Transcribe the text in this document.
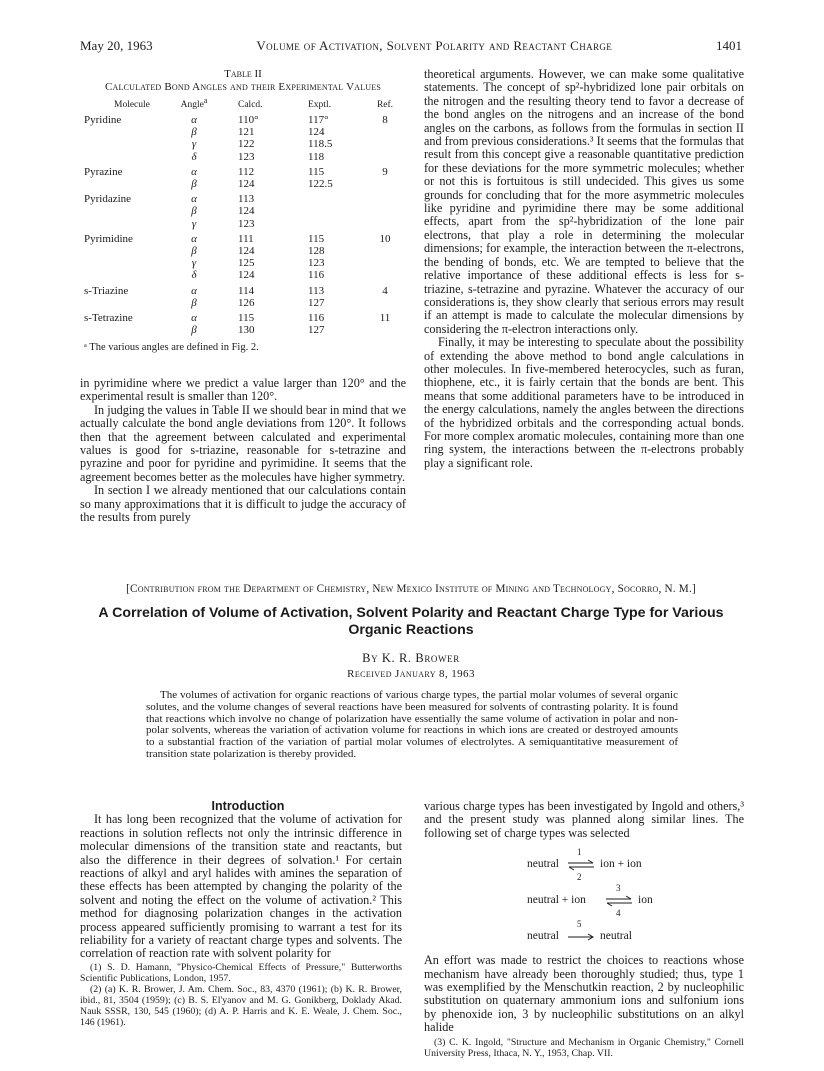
May 20, 1963	Volume of Activation, Solvent Polarity and Reactant Charge	1401
Table II
Calculated Bond Angles and their Experimental Values
Molecule	Angle$^a$	Calcd.	Exptl.	Ref.
Pyridine	α	110°	117°	8
	β	121	124	
	γ	122	118.5	
	δ	123	118	
Pyrazine	α	112	115	9
	β	124	122.5	
Pyridazine	α	113		
	β	124		
	γ	123		
Pyrimidine	α	111	115	10
	β	124	128	
	γ	125	123	
	δ	124	116	
s-Triazine	α	114	113	4
	β	126	127	
s-Tetrazine	α	115	116	11
	β	130	127	
ᵃ The various angles are defined in Fig. 2.

in pyrimidine where we predict a value larger than 120° and the experimental result is smaller than 120°.

In judging the values in Table II we should bear in mind that we actually calculate the bond angle deviations from 120°. It follows then that the agreement between calculated and experimental values is good for s-triazine, reasonable for s-tetrazine and pyrazine and poor for pyridine and pyrimidine. It seems that the agreement becomes better as the molecules have higher symmetry.

In section I we already mentioned that our calculations contain so many approximations that it is difficult to judge the accuracy of the results from purely

theoretical arguments. However, we can make some qualitative statements. The concept of sp²-hybridized lone pair orbitals on the nitrogen and the resulting theory tend to favor a decrease of the bond angles on the nitrogens and an increase of the bond angles on the carbons, as follows from the formulas in section II and from previous considerations.³ It seems that the formulas that result from this concept give a reasonable quantitative prediction for these deviations for the more symmetric molecules; whether or not this is fortuitous is still undecided. This gives us some grounds for concluding that for the more asymmetric molecules like pyridine and pyrimidine there may be some additional effects, apart from the sp²-hybridization of the lone pair electrons, that play a role in determining the molecular dimensions; for example, the interaction between the π-electrons, the bending of bonds, etc. We are tempted to believe that the relative importance of these additional effects is less for s-triazine, s-tetrazine and pyrazine. Whatever the accuracy of our considerations is, they show clearly that serious errors may result if an attempt is made to calculate the molecular dimensions by considering the π-electron interactions only.

Finally, it may be interesting to speculate about the possibility of extending the above method to bond angle calculations in other molecules. In five-membered heterocycles, such as furan, thiophene, etc., it is fairly certain that the bonds are bent. This means that some additional parameters have to be introduced in the energy calculations, namely the angles between the directions of the hybridized orbitals and the corresponding actual bonds. For more complex aromatic molecules, containing more than one ring system, the interactions between the π-electrons probably play a significant role.

[Contribution from the Department of Chemistry, New Mexico Institute of Mining and Technology, Socorro, N. M.]
A Correlation of Volume of Activation, Solvent Polarity and Reactant Charge Type for Various Organic Reactions
By K. R. Brower
Received January 8, 1963
The volumes of activation for organic reactions of various charge types, the partial molar volumes of several organic solutes, and the volume changes of several reactions have been measured for solvents of contrasting polarity. It is found that reactions which involve no change of polarization have essentially the same volume of activation in polar and non-polar solvents, whereas the variation of activation volume for reactions in which ions are created or destroyed amounts to a substantial fraction of the variation of partial molar volumes of electrolytes. A semiquantitative measurement of transition state polarization is thereby provided.

Introduction

It has long been recognized that the volume of activation for reactions in solution reflects not only the intrinsic difference in molecular dimensions of the transition state and reactants, but also the difference in their degrees of solvation.¹ For certain reactions of alkyl and aryl halides with amines the separation of these effects has been attempted by changing the polarity of the solvent and noting the effect on the volume of activation.² This method for diagnosing polarization changes in the activation process appeared sufficiently promising to warrant a test for its reliability for a variety of reactant charge types and solvents. The correlation of reaction rate with solvent polarity for

(1) S. D. Hamann, "Physico-Chemical Effects of Pressure," Butterworths Scientific Publications, London, 1957.

(2) (a) K. R. Brower, J. Am. Chem. Soc., 83, 4370 (1961); (b) K. R. Brower, ibid., 81, 3504 (1959); (c) B. S. El'yanov and M. G. Gonikberg, Doklady Akad. Nauk SSSR, 130, 545 (1960); (d) A. P. Harris and K. E. Weale, J. Chem. Soc., 146 (1961).

various charge types has been investigated by Ingold and others,³ and the present study was planned along similar lines. The following set of charge types was selected

neutral
1
2
ion + ion
neutral + ion
3
4
ion
neutral
5
neutral

An effort was made to restrict the choices to reactions whose mechanism have already been thoroughly studied; thus, type 1 was exemplified by the Menschutkin reaction, 2 by nucleophilic substitution on quaternary ammonium ions and sulfonium ions by phenoxide ion, 3 by nucleophilic substitutions on an alkyl halide

(3) C. K. Ingold, "Structure and Mechanism in Organic Chemistry," Cornell University Press, Ithaca, N. Y., 1953, Chap. VII.
